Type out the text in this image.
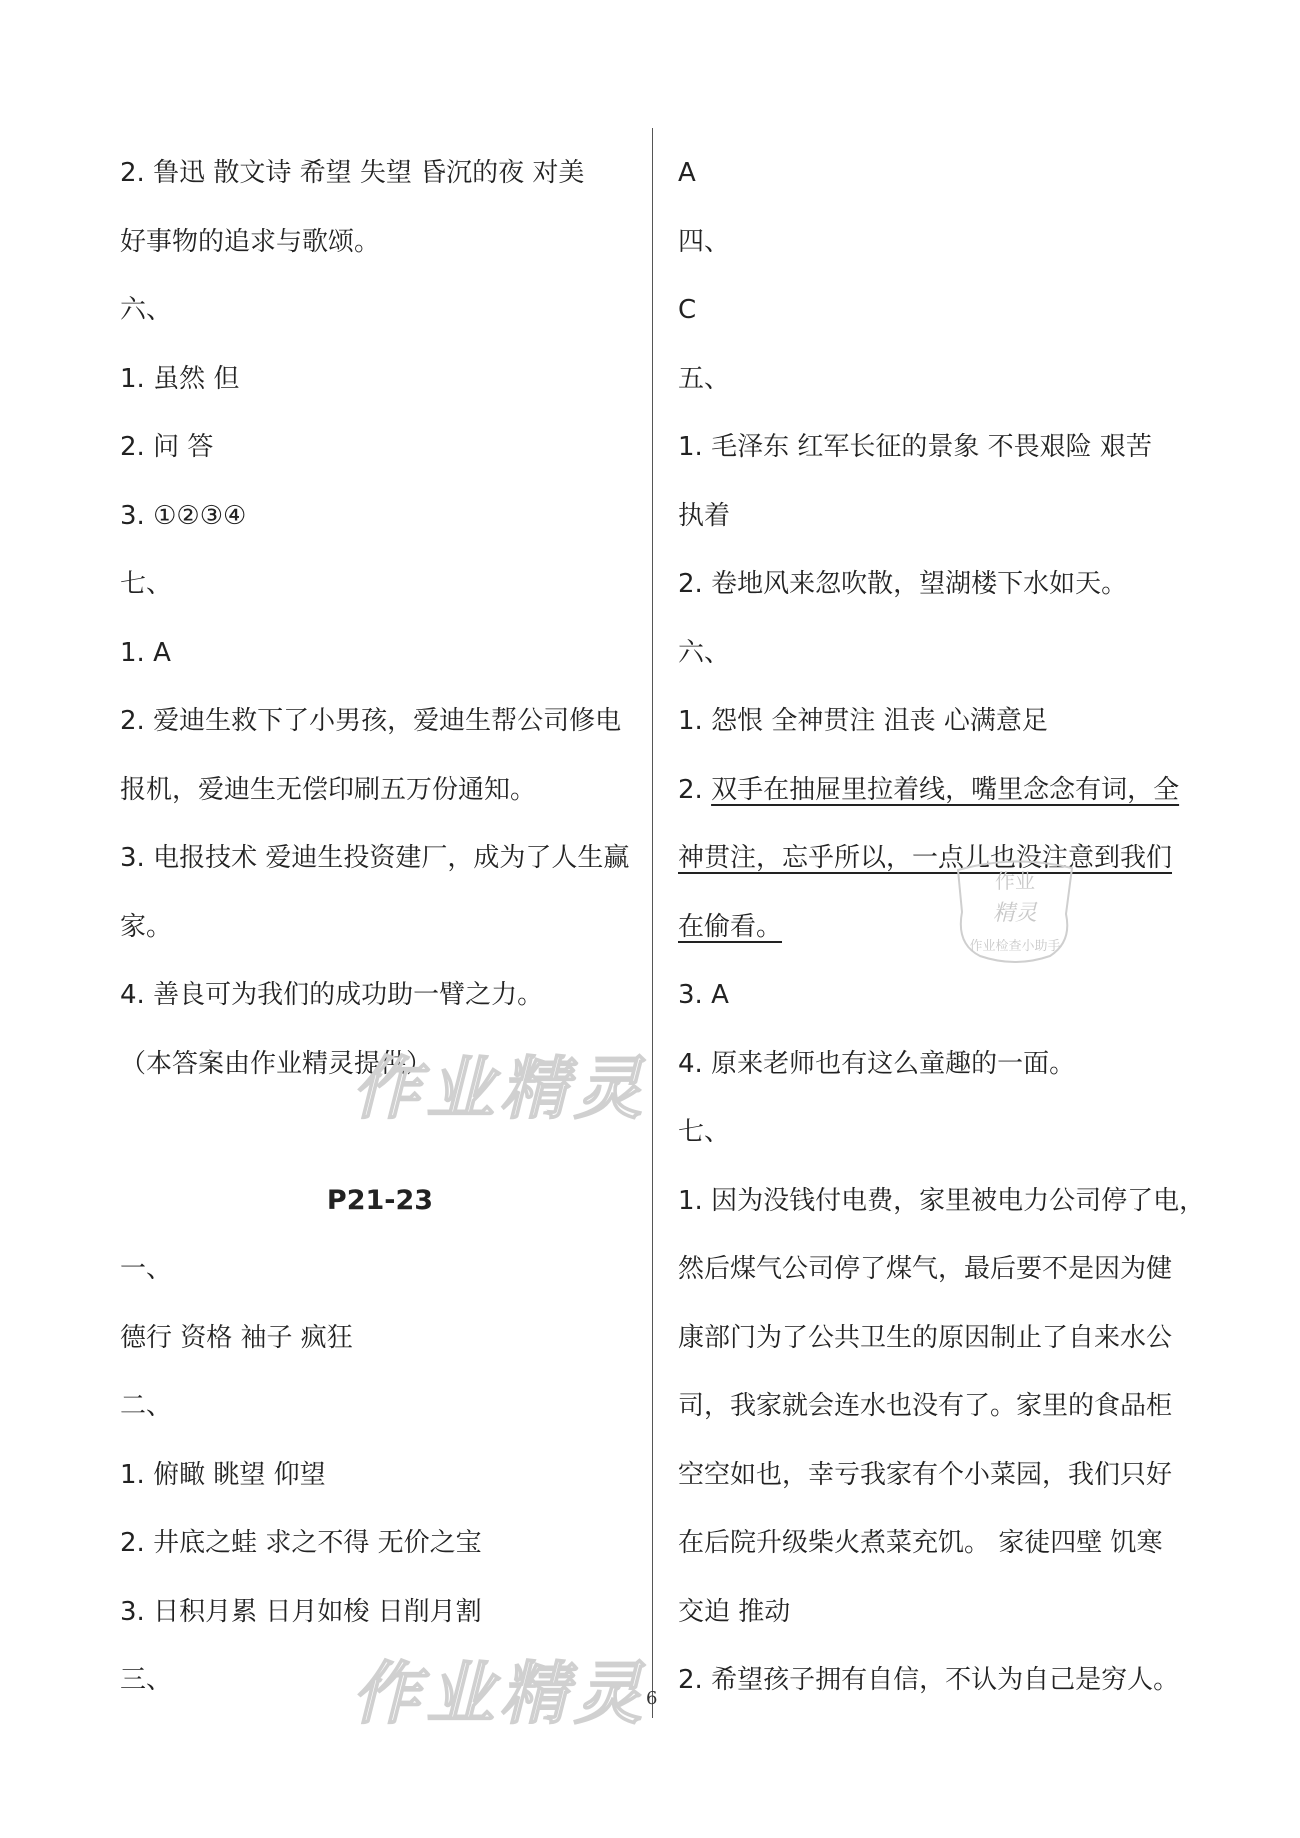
2. 鲁迅 散文诗 希望 失望 昏沉的夜 对美
好事物的追求与歌颂。
六、
1. 虽然 但
2. 问 答
3. ①②③④
七、
1. A
2. 爱迪生救下了小男孩，爱迪生帮公司修电
报机，爱迪生无偿印刷五万份通知。
3. 电报技术 爱迪生投资建厂，成为了人生赢
家。
4. 善良可为我们的成功助一臂之力。
（本答案由作业精灵提供）

P21-23
一、
德行 资格 袖子 疯狂
二、
1. 俯瞰 眺望 仰望
2. 井底之蛙 求之不得 无价之宝
3. 日积月累 日月如梭 日削月割
三、
A
四、
C
五、
1. 毛泽东 红军长征的景象 不畏艰险 艰苦
执着
2. 卷地风来忽吹散，望湖楼下水如天。
六、
1. 怨恨 全神贯注 沮丧 心满意足
2. 双手在抽屉里拉着线，嘴里念念有词，全
神贯注，忘乎所以，一点儿也没注意到我们
在偷看。
3. A
4. 原来老师也有这么童趣的一面。
七、
1. 因为没钱付电费，家里被电力公司停了电，
然后煤气公司停了煤气，最后要不是因为健
康部门为了公共卫生的原因制止了自来水公
司，我家就会连水也没有了。家里的食品柜
空空如也，幸亏我家有个小菜园，我们只好
在后院升级柴火煮菜充饥。 家徒四壁 饥寒
交迫 推动
2. 希望孩子拥有自信，不认为自己是穷人。
作业精灵
作业精灵
作业
精灵
作业检查小助手
6
